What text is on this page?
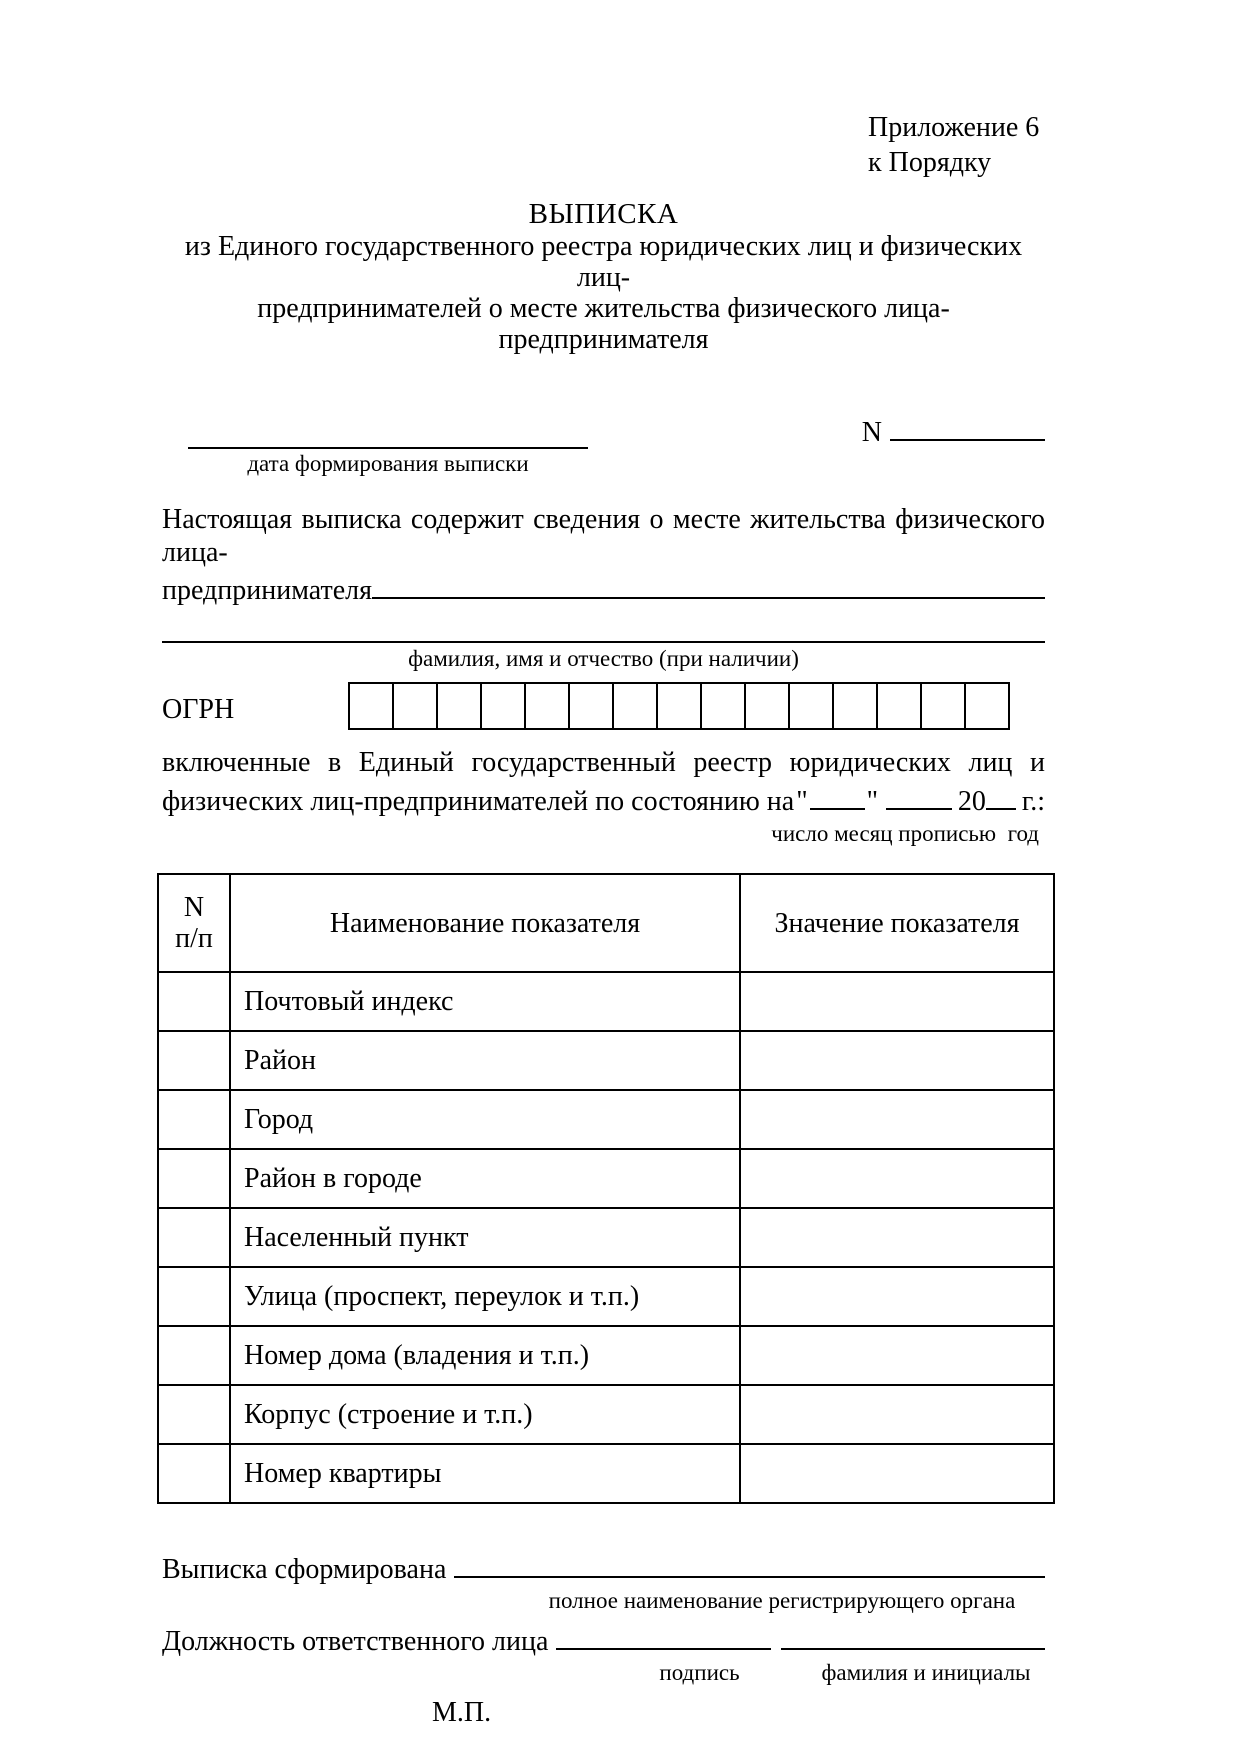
Приложение 6
к Порядку
ВЫПИСКА
из Единого государственного реестра юридических лиц и физических лиц-
предпринимателей о месте жительства физического лица-предпринимателя
дата формирования выписки
N
Настоящая выписка содержит сведения о месте жительства физического лица-
предпринимателя
фамилия, имя и отчество (при наличии)
ОГРН
включенные в Единый государственный реестр юридических лиц и
физических лиц-предпринимателей по состоянию на " "	20 г.:
число месяц прописью  год
N
п/п	Наименование показателя	Значение показателя
	Почтовый индекс	
	Район	
	Город	
	Район в городе	
	Населенный пункт	
	Улица (проспект, переулок и т.п.)	
	Номер дома (владения и т.п.)	
	Корпус (строение и т.п.)	
	Номер квартиры	
Выписка сформирована
полное наименование регистрирующего органа
Должность ответственного лица
подпись	фамилия и инициалы
М.П.
